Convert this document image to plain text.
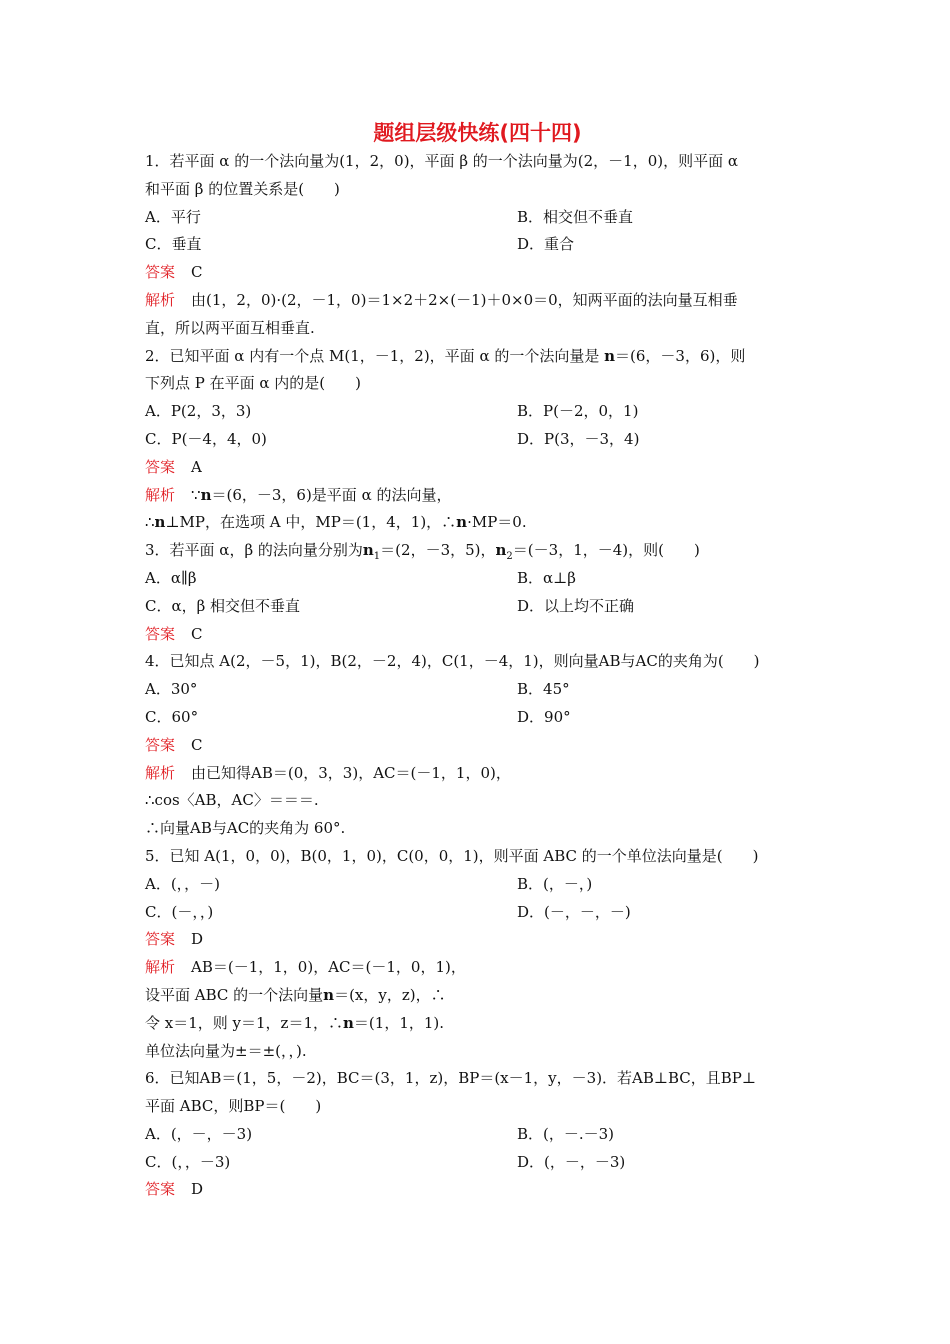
题组层级快练(四十四)
1．若平面 α 的一个法向量为(1，2，0)，平面 β 的一个法向量为(2，－1，0)，则平面 α
和平面 β 的位置关系是(　　)
A．平行	B．相交但不垂直
C．垂直	D．重合
答案 C
解析 由(1，2，0)·(2，－1，0)＝1×2＋2×(－1)＋0×0＝0，知两平面的法向量互相垂
直，所以两平面互相垂直.
2．已知平面 α 内有一个点 M(1，－1，2)，平面 α 的一个法向量是 n＝(6，－3，6)，则
下列点 P 在平面 α 内的是(　　)
A．P(2，3，3)	B．P(－2，0，1)
C．P(－4，4，0)	D．P(3，－3，4)
答案 A
解析 ∵n＝(6，－3，6)是平面 α 的法向量，
∴n⊥MP，在选项 A 中，MP＝(1，4，1)，∴n·MP＝0.
3．若平面 α，β 的法向量分别为$n_1=(2$，－3，5)，$n_2=(-3$，1，－4)，则(　　)
A．α∥β	B．α⊥β
C．α，β 相交但不垂直	D．以上均不正确
答案 C
4．已知点 A(2，－5，1)，B(2，－2，4)，C(1，－4，1)，则向量AB与AC的夹角为(　　)
A．30°	B．45°
C．60°	D．90°
答案 C
解析 由已知得AB＝(0，3，3)，AC＝(－1，1，0)，
∴cos〈AB，AC〉＝＝＝.
∴向量AB与AC的夹角为 60°.
5．已知 A(1，0，0)，B(0，1，0)，C(0，0，1)，则平面 ABC 的一个单位法向量是(　　)
A．(，，－)	B．(，－，)
C．(－，，)	D．(－，－，－)
答案 D
解析 AB＝(－1，1，0)，AC＝(－1，0，1)，
设平面 ABC 的一个法向量n＝(x，y，z)，∴
令 x＝1，则 y＝1，z＝1，∴n＝(1，1，1).
单位法向量为±＝±(，，).
6．已知AB＝(1，5，－2)，BC＝(3，1，z)，BP＝(x－1，y，－3)．若AB⊥BC，且BP⊥
平面 ABC，则BP＝(　　)
A．(，－，－3)	B．(，－.－3)
C．(，，－3)	D．(，－，－3)
答案 D
